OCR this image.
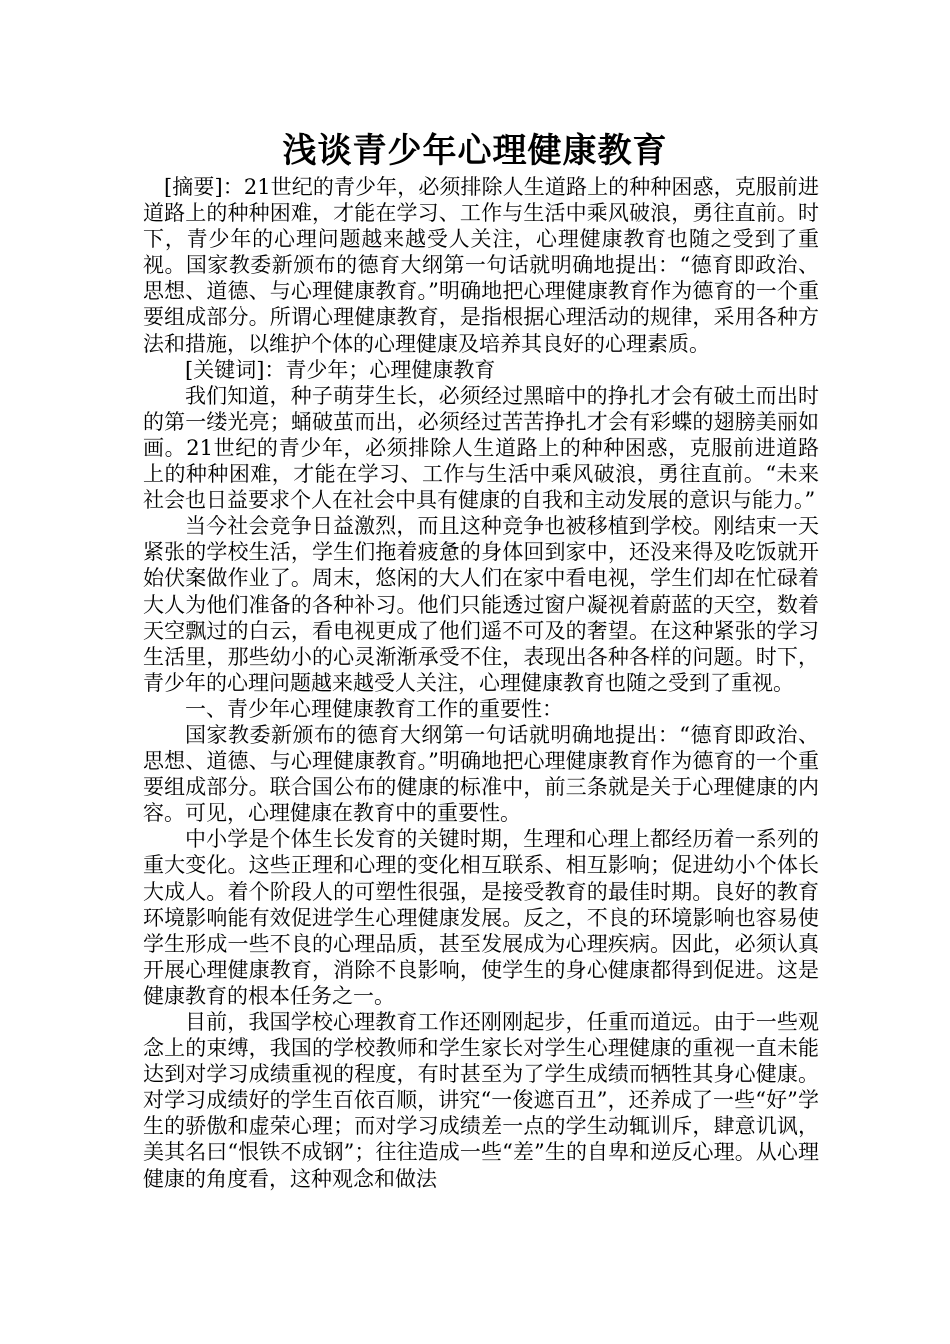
浅谈青少年心理健康教育

[摘要]：21世纪的青少年，必须排除人生道路上的种种困惑，克服前进道路上的种种困难，才能在学习、工作与生活中乘风破浪，勇往直前。时下，青少年的心理问题越来越受人关注，心理健康教育也随之受到了重视。国家教委新颁布的德育大纲第一句话就明确地提出：“德育即政治、思想、道德、与心理健康教育。”明确地把心理健康教育作为德育的一个重要组成部分。所谓心理健康教育，是指根据心理活动的规律，采用各种方法和措施，以维护个体的心理健康及培养其良好的心理素质。

[关键词]：青少年；心理健康教育

我们知道，种子萌芽生长，必须经过黑暗中的挣扎才会有破土而出时的第一缕光亮；蛹破茧而出，必须经过苦苦挣扎才会有彩蝶的翅膀美丽如画。21世纪的青少年，必须排除人生道路上的种种困惑，克服前进道路上的种种困难，才能在学习、工作与生活中乘风破浪，勇往直前。“未来社会也日益要求个人在社会中具有健康的自我和主动发展的意识与能力。”

当今社会竞争日益激烈，而且这种竞争也被移植到学校。刚结束一天紧张的学校生活，学生们拖着疲惫的身体回到家中，还没来得及吃饭就开始伏案做作业了。周末，悠闲的大人们在家中看电视，学生们却在忙碌着大人为他们准备的各种补习。他们只能透过窗户凝视着蔚蓝的天空，数着天空飘过的白云，看电视更成了他们遥不可及的奢望。在这种紧张的学习生活里，那些幼小的心灵渐渐承受不住，表现出各种各样的问题。时下，青少年的心理问题越来越受人关注，心理健康教育也随之受到了重视。

一、青少年心理健康教育工作的重要性：

国家教委新颁布的德育大纲第一句话就明确地提出：“德育即政治、思想、道德、与心理健康教育。”明确地把心理健康教育作为德育的一个重要组成部分。联合国公布的健康的标准中，前三条就是关于心理健康的内容。可见，心理健康在教育中的重要性。

中小学是个体生长发育的关键时期，生理和心理上都经历着一系列的重大变化。这些正理和心理的变化相互联系、相互影响；促进幼小个体长大成人。着个阶段人的可塑性很强，是接受教育的最佳时期。良好的教育环境影响能有效促进学生心理健康发展。反之，不良的环境影响也容易使学生形成一些不良的心理品质，甚至发展成为心理疾病。因此，必须认真开展心理健康教育，消除不良影响，使学生的身心健康都得到促进。这是健康教育的根本任务之一。

目前，我国学校心理教育工作还刚刚起步，任重而道远。由于一些观念上的束缚，我国的学校教师和学生家长对学生心理健康的重视一直未能达到对学习成绩重视的程度，有时甚至为了学生成绩而牺牲其身心健康。对学习成绩好的学生百依百顺，讲究“一俊遮百丑”，还养成了一些“好”学生的骄傲和虚荣心理；而对学习成绩差一点的学生动辄训斥，肆意讥讽，美其名曰“恨铁不成钢”；往往造成一些“差”生的自卑和逆反心理。从心理健康的角度看，这种观念和做法
